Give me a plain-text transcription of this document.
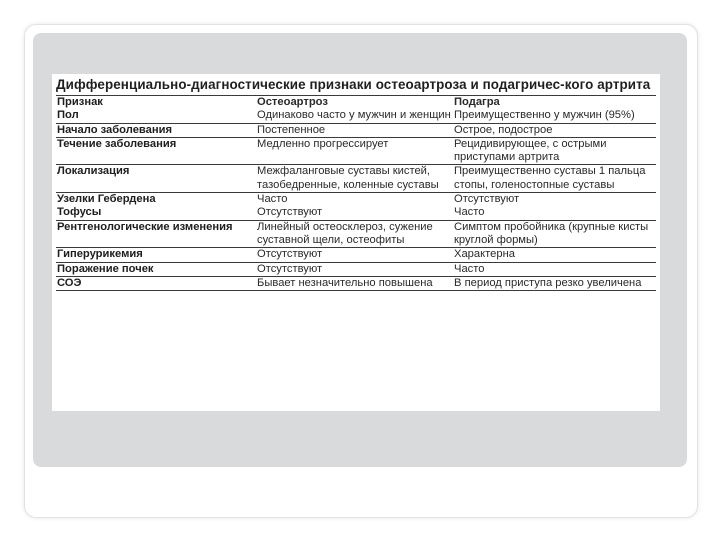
Дифференциально-диагностические признаки остеоартроза и подагричес-кого артрита
Признак	Остеоартроз	Подагра
Пол	Одинаково часто у мужчин и женщин	Преимущественно у мужчин (95%)
Начало заболевания	Постепенное	Острое, подострое
Течение заболевания	Медленно прогрессирует	Рецидивирующее, с острыми приступами артрита
Локализация	Межфаланговые суставы кистей, тазобедренные, коленные суставы	Преимущественно суставы 1 пальца стопы, голеностопные суставы
Узелки Гебердена	Часто	Отсутствуют
Тофусы	Отсутствуют	Часто
Рентгенологические изменения	Линейный остеосклероз, сужение суставной щели, остеофиты	Симптом пробойника (крупные кисты круглой формы)
Гиперурикемия	Отсутствуют	Характерна
Поражение почек	Отсутствуют	Часто
СОЭ	Бывает незначительно повышена	В период приступа резко увеличена
